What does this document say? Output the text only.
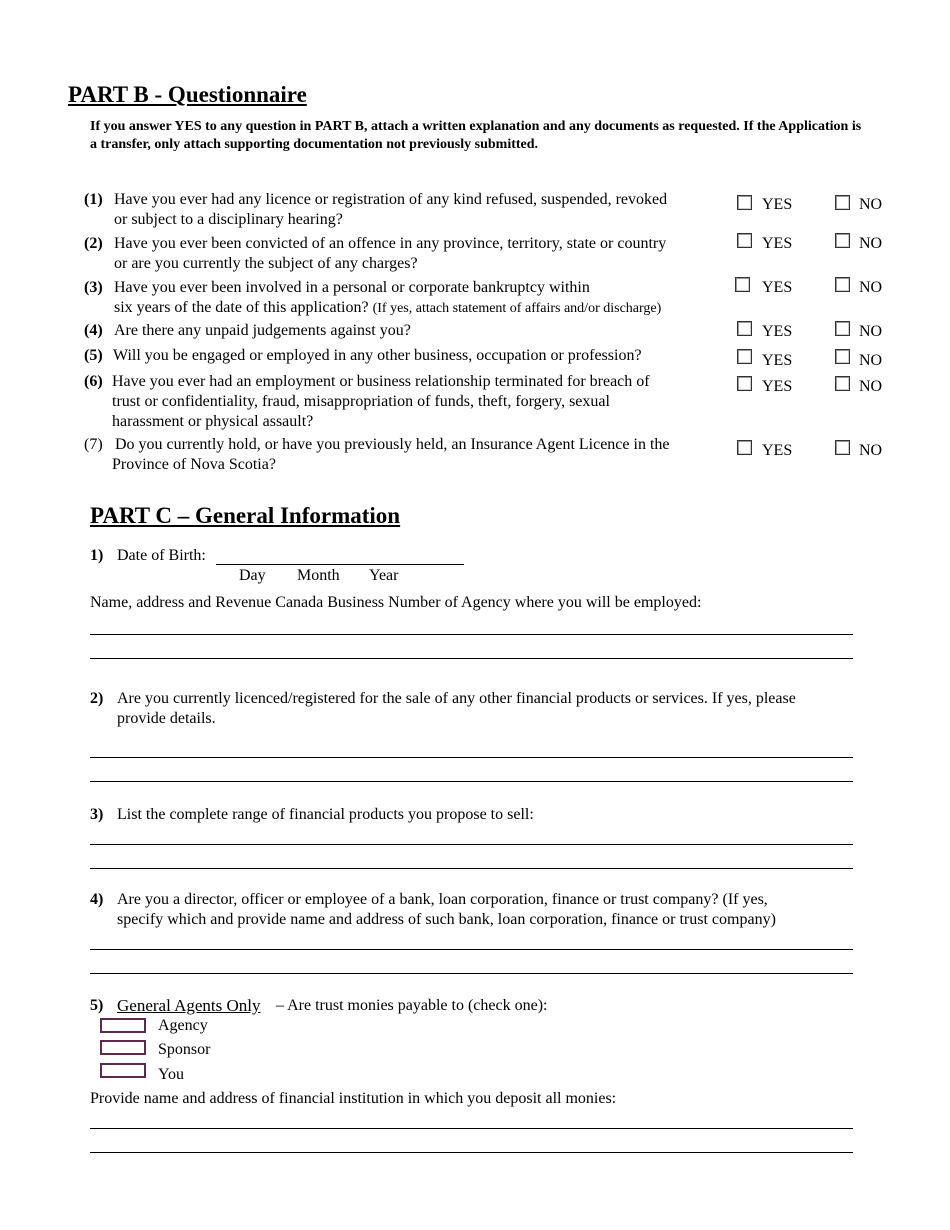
PART B - Questionnaire
If you answer YES to any question in PART B, attach a written explanation and any documents as requested. If the Application is a transfer, only attach supporting documentation not previously submitted.
(1) Have you ever had any licence or registration of any kind refused, suspended, revoked
or subject to a disciplinary hearing?
YES	NO
(2) Have you ever been convicted of an offence in any province, territory, state or country
or are you currently the subject of any charges?
YES	NO
(3) Have you ever been involved in a personal or corporate bankruptcy within
six years of the date of this application? (If yes, attach statement of affairs and/or discharge)
YES	NO
(4) Are there any unpaid judgements against you?	YES	NO
(5) Will you be engaged or employed in any other business, occupation or profession?	YES	NO
(6) Have you ever had an employment or business relationship terminated for breach of
trust or confidentiality, fraud, misappropriation of funds, theft, forgery, sexual
harassment or physical assault?
YES	NO
(7) Do you currently hold, or have you previously held, an Insurance Agent Licence in the
Province of Nova Scotia?
YES	NO
PART C – General Information
1) Date of Birth:
Day Month Year
Name, address and Revenue Canada Business Number of Agency where you will be employed:
2) Are you currently licenced/registered for the sale of any other financial products or services. If yes, please
provide details.
3) List the complete range of financial products you propose to sell:
4) Are you a director, officer or employee of a bank, loan corporation, finance or trust company? (If yes,
specify which and provide name and address of such bank, loan corporation, finance or trust company)
5) General Agents Only – Are trust monies payable to (check one):
Agency
Sponsor
You
Provide name and address of financial institution in which you deposit all monies:
